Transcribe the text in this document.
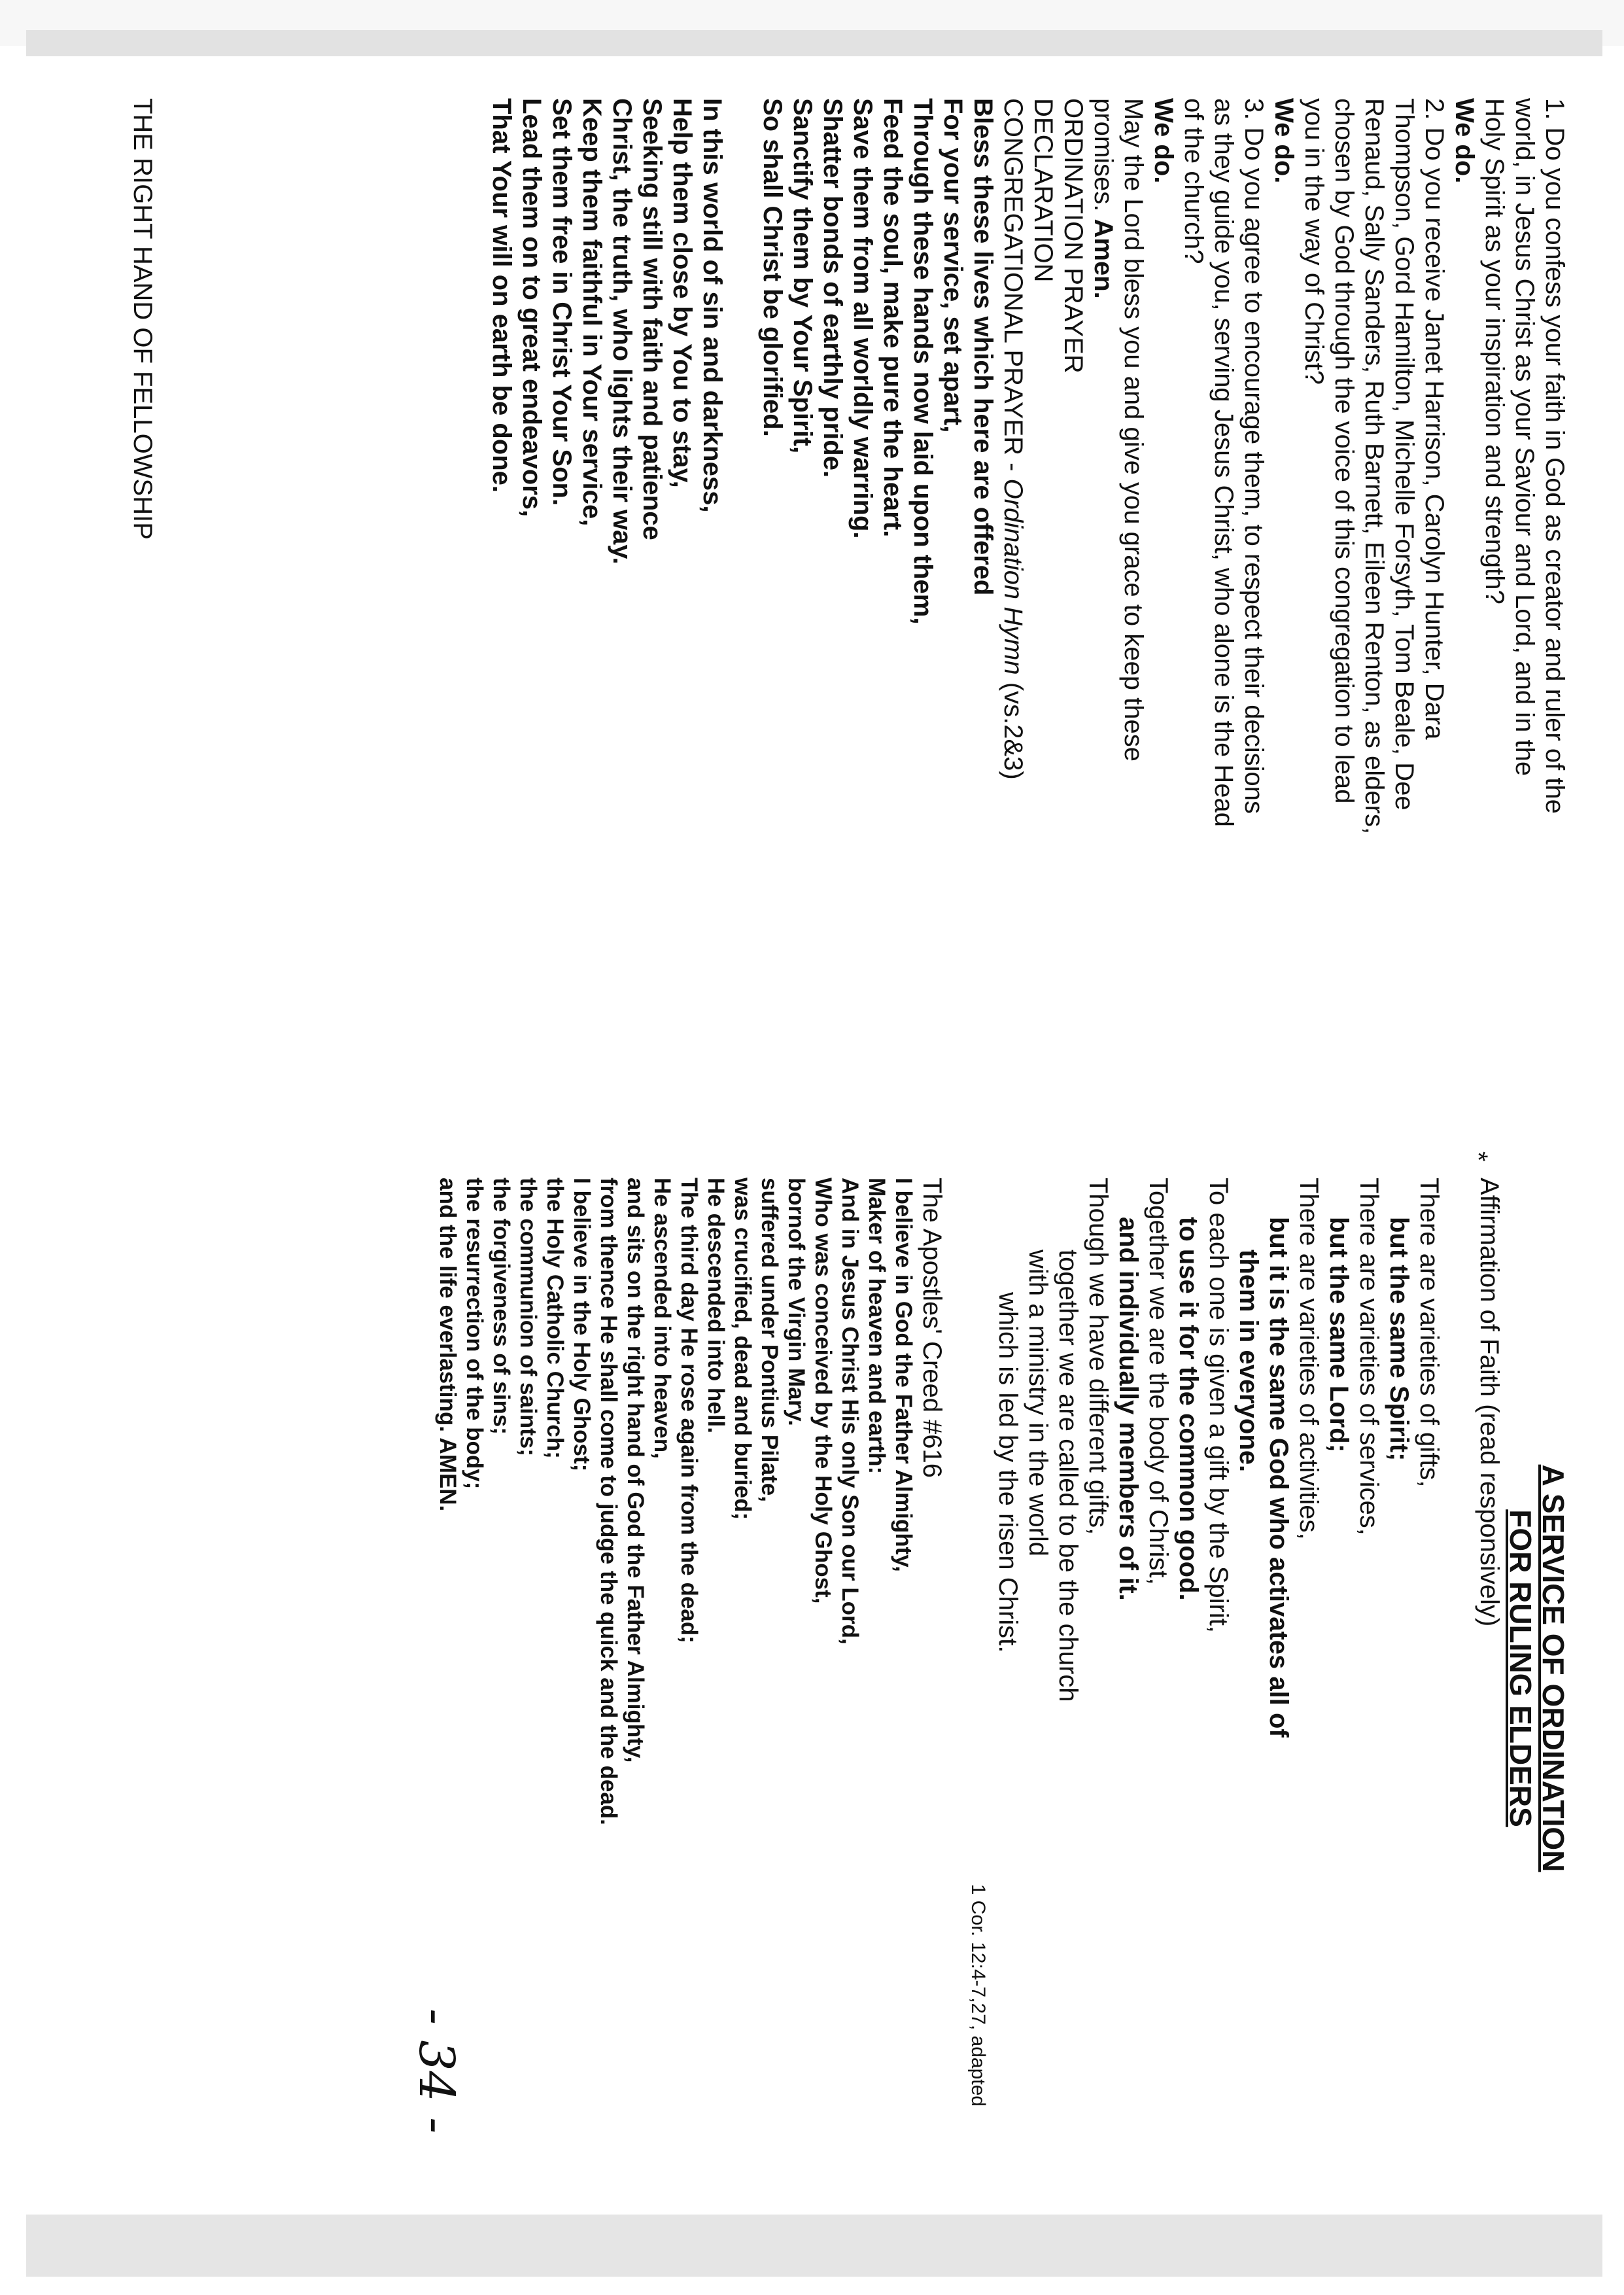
1. Do you confess your faith in God as creator and ruler of the
world, in Jesus Christ as your Saviour and Lord, and in the
Holy Spirit as your inspiration and strength?
We do.
2. Do you receive Janet Harrison, Carolyn Hunter, Dara
Thompson, Gord Hamilton, Michelle Forsyth, Tom Beale, Dee
Renaud, Sally Sanders, Ruth Barnett, Eileen Renton, as elders,
chosen by God through the voice of this congregation to lead
you in the way of Christ?
We do.
3. Do you agree to encourage them, to respect their decisions
as they guide you, serving Jesus Christ, who alone is the Head
of the church?
We do.
May the Lord bless you and give you grace to keep these
promises. Amen.
ORDINATION PRAYER
DECLARATION
CONGREGATIONAL PRAYER - Ordination Hymn (vs.2&3)
Bless these lives which here are offered
For your service, set apart,
Through these hands now laid upon them,
Feed the soul, make pure the heart.
Save them from all worldly warring.
Shatter bonds of earthly pride.
Sanctify them by Your Spirit,
So shall Christ be glorified.
In this world of sin and darkness,
Help them close by You to stay,
Seeking still with faith and patience
Christ, the truth, who lights their way.
Keep them faithful in Your service,
Set them free in Christ Your Son.
Lead them on to great endeavors,
That Your will on earth be done.
THE RIGHT HAND OF FELLOWSHIP
*
A SERVICE OF ORDINATION
FOR RULING ELDERS
Affirmation of Faith (read responsively)
There are varieties of gifts,
but the same Spirit;
There are varieties of services,
but the same Lord;
There are varieties of activities,
but it is the same God who activates all of
them in everyone.
To each one is given a gift by the Spirit,
to use it for the common good.
Together we are the body of Christ,
and individually members of it.
Though we have different gifts,
together we are called to be the church
with a ministry in the world
which is led by the risen Christ.
1 Cor. 12:4-7,27, adapted
The Apostles' Creed #616
I believe in God the Father Almighty,
Maker of heaven and earth:
And in Jesus Christ His only Son our Lord,
Who was conceived by the Holy Ghost,
bornof the Virgin Mary.
suffered under Pontius Pilate,
was crucified, dead and buried;
He descended into hell.
The third day He rose again from the dead;
He ascended into heaven,
and sits on the right hand of God the Father Almighty,
from thence He shall come to judge the quick and the dead.
I believe in the Holy Ghost;
the Holy Catholic Church;
the communion of saints;
the forgiveness of sins;
the resurrection of the body;
and the life everlasting. AMEN.
- 34 -
